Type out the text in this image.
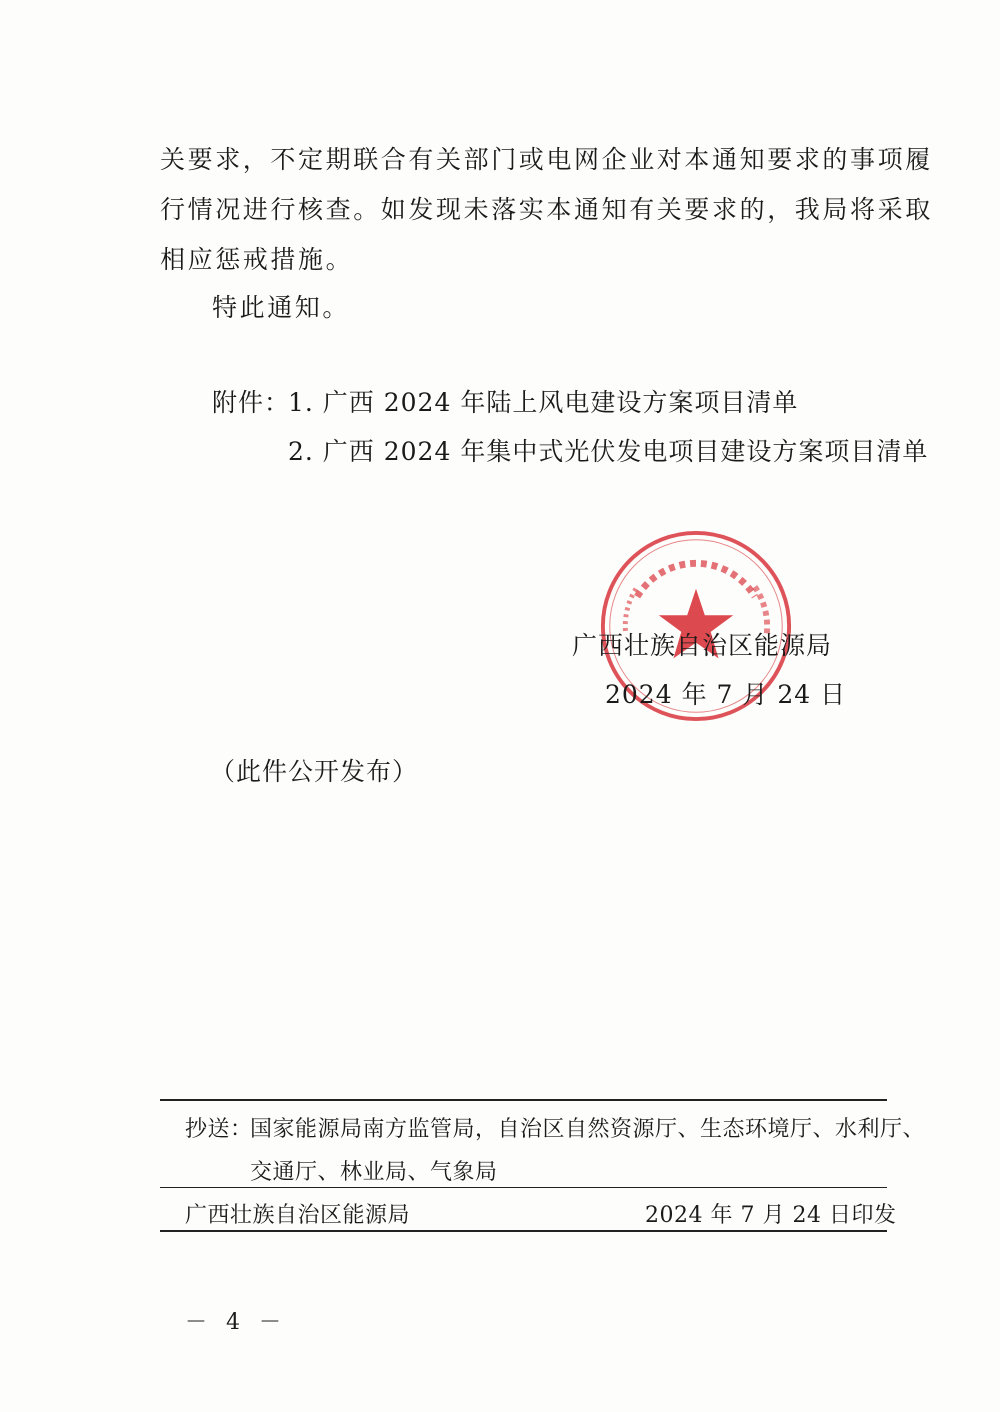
关要求，不定期联合有关部门或电网企业对本通知要求的事项履
行情况进行核查。如发现未落实本通知有关要求的，我局将采取
相应惩戒措施。
特此通知。
附件：
1. 广西 2024 年陆上风电建设方案项目清单
2. 广西 2024 年集中式光伏发电项目建设方案项目清单
广西壮族自治区能源局
2024 年 7 月 24 日
（此件公开发布）
抄送：
国家能源局南方监管局，自治区自然资源厅、生态环境厅、水利厅、
交通厅、林业局、气象局
广西壮族自治区能源局	2024 年 7 月 24 日印发
－ 4 －
